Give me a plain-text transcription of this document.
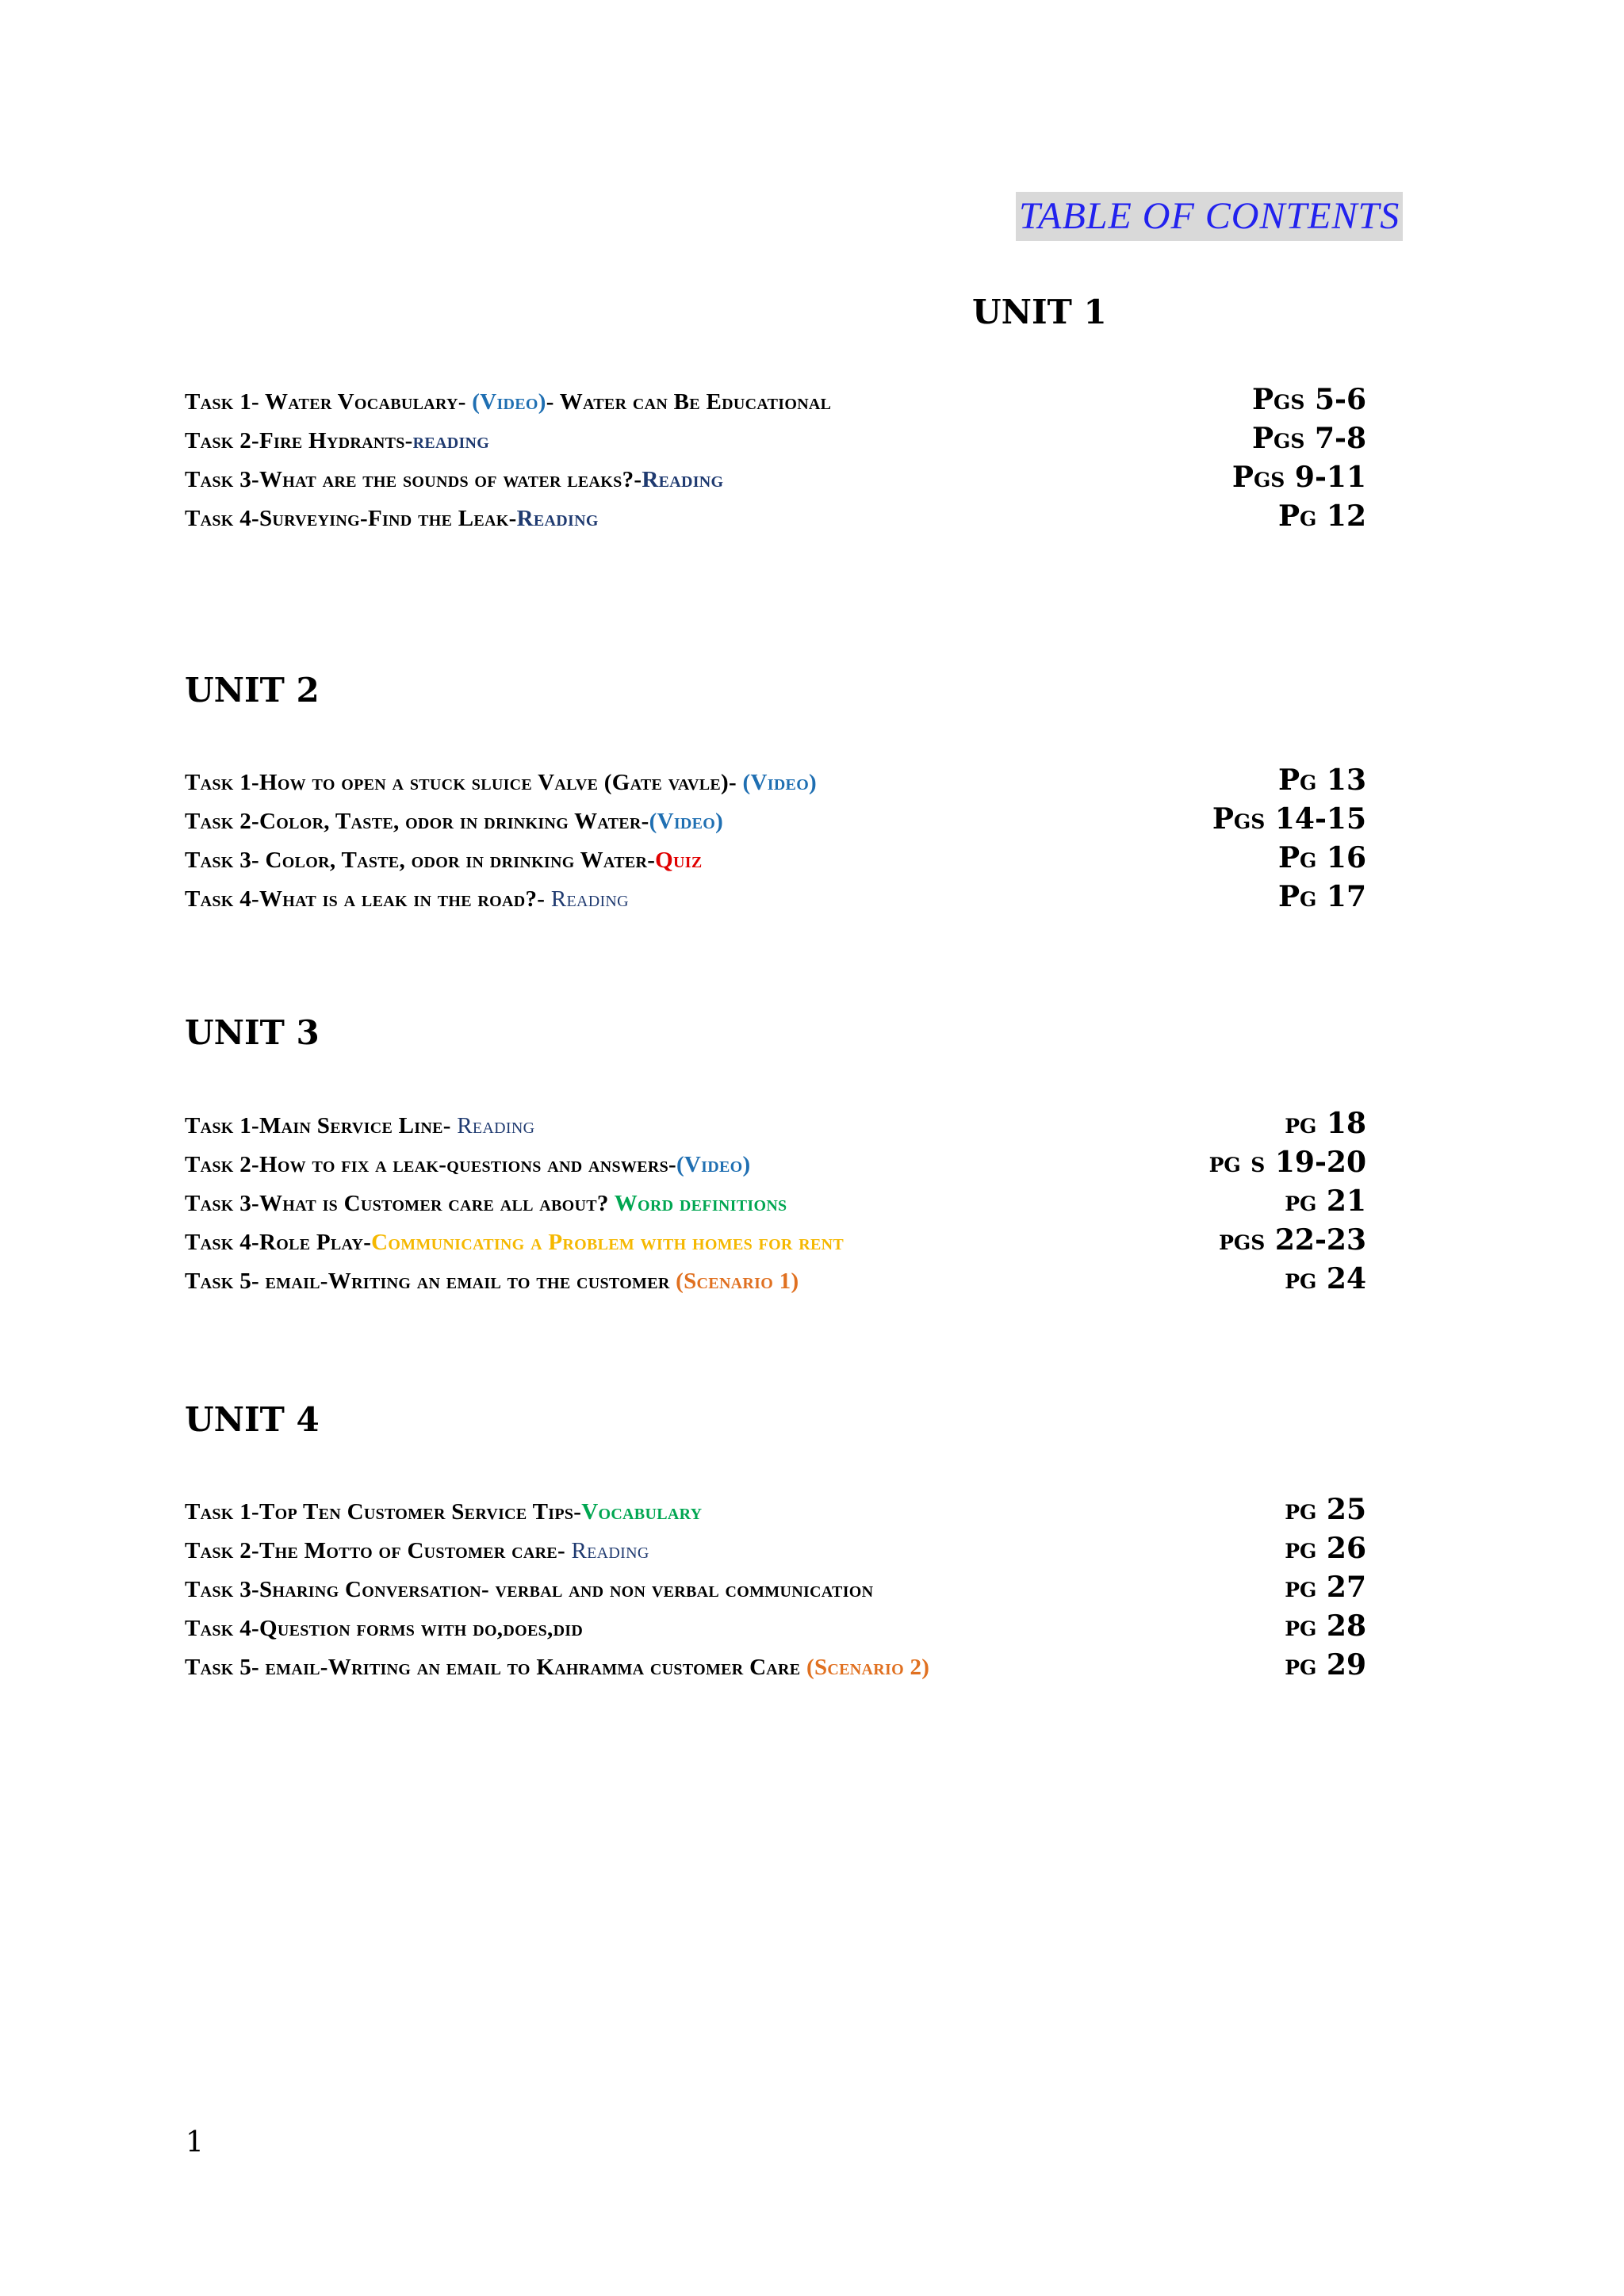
TABLE OF CONTENTS
UNIT 1
Task 1- Water Vocabulary- (Video)- Water can Be Educational	Pgs 5-6
Task 2-Fire Hydrants-reading	Pgs 7-8
Task 3-What are the sounds of water leaks?-Reading	Pgs 9-11
Task 4-Surveying-Find the Leak-Reading	Pg 12
UNIT 2
Task 1-How to open a stuck sluice Valve (Gate vavle)- (Video)	Pg 13
Task 2-Color, Taste, odor in drinking Water-(Video)	Pgs 14-15
Task 3- Color, Taste, odor in drinking Water-Quiz	Pg 16
Task 4-What is a leak in the road?- Reading	Pg 17
UNIT 3
Task 1-Main Service Line- Reading	pg 18
Task 2-How to fix a leak-questions and answers-(Video)	pg s 19-20
Task 3-What is Customer care all about? Word definitions	pg 21
Task 4-Role Play-Communicating a Problem with homes for rent	pgs 22-23
Task 5- email-Writing an email to the customer (Scenario 1)	pg 24
UNIT 4
Task 1-Top Ten Customer Service Tips-Vocabulary	pg 25
Task 2-The Motto of Customer care- Reading	pg 26
Task 3-Sharing Conversation- verbal and non verbal communication	pg 27
Task 4-Question forms with do,does,did	pg 28
Task 5- email-Writing an email to Kahramma customer Care (Scenario 2)	pg 29
1
